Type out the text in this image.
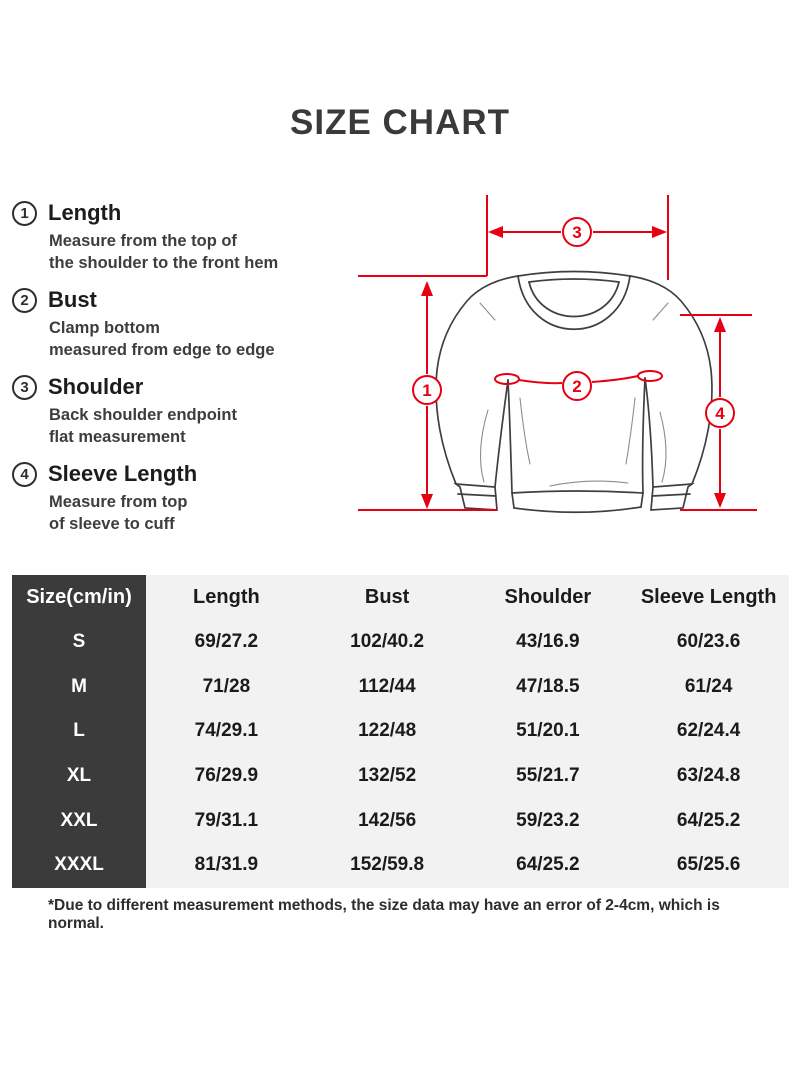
SIZE CHART
1 Length
Measure from the top of
the shoulder to the front hem
2 Bust
Clamp bottom
measured from edge to edge
3 Shoulder
Back shoulder endpoint
flat measurement
4 Sleeve Length
Measure from top
of sleeve to cuff
3
1	2
4
Size(cm/in)	Length	Bust	Shoulder	Sleeve Length
S	69/27.2	102/40.2	43/16.9	60/23.6
M	71/28	112/44	47/18.5	61/24
L	74/29.1	122/48	51/20.1	62/24.4
XL	76/29.9	132/52	55/21.7	63/24.8
XXL	79/31.1	142/56	59/23.2	64/25.2
XXXL	81/31.9	152/59.8	64/25.2	65/25.6
*Due to different measurement methods, the size data may have an error of 2-4cm, which is normal.
